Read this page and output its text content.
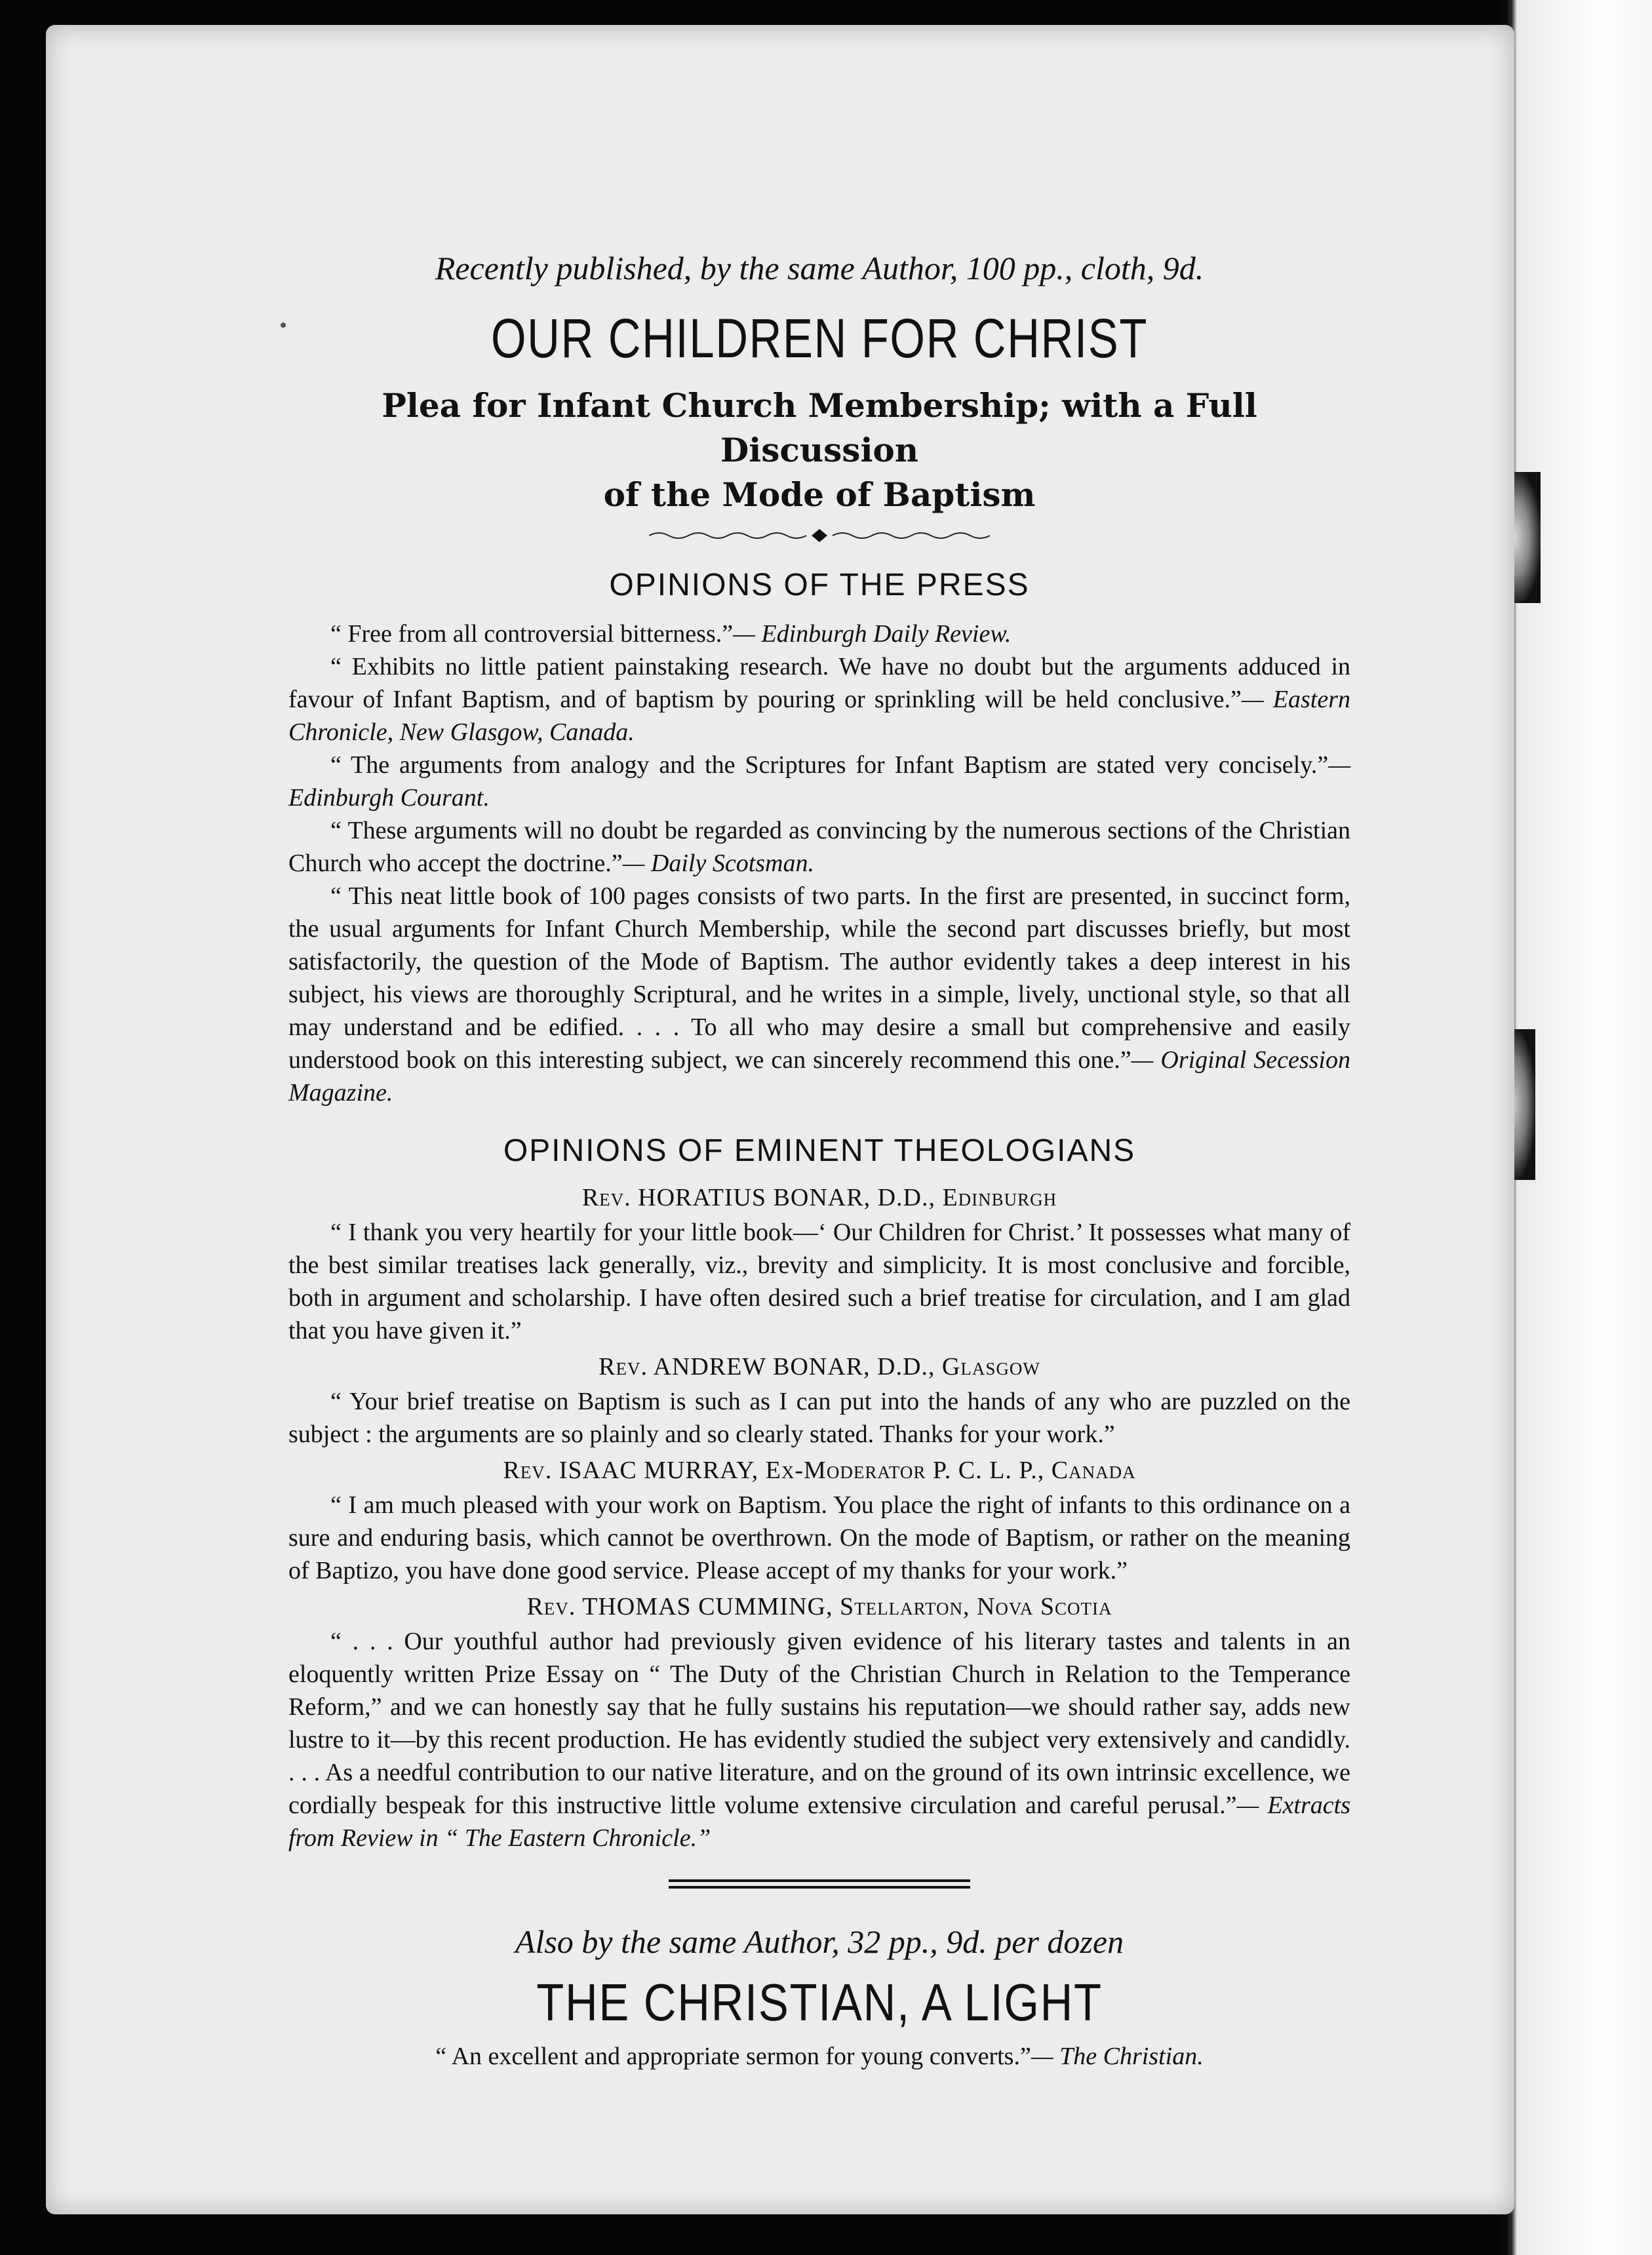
Recently published, by the same Author, 100 pp., cloth, 9d.

OUR CHILDREN FOR CHRIST

Plea for Infant Church Membership; with a Full Discussion

of the Mode of Baptism

OPINIONS OF THE PRESS

“ Free from all controversial bitterness.”— Edinburgh Daily Review.

“ Exhibits no little patient painstaking research. We have no doubt but the arguments adduced in favour of Infant Baptism, and of baptism by pouring or sprinkling will be held conclusive.”— Eastern Chronicle, New Glasgow, Canada.

“ The arguments from analogy and the Scriptures for Infant Baptism are stated very concisely.”— Edinburgh Courant.

“ These arguments will no doubt be regarded as convincing by the numerous sections of the Christian Church who accept the doctrine.”— Daily Scotsman.

“ This neat little book of 100 pages consists of two parts. In the first are presented, in succinct form, the usual arguments for Infant Church Membership, while the second part discusses briefly, but most satisfactorily, the question of the Mode of Baptism. The author evidently takes a deep interest in his subject, his views are thoroughly Scriptural, and he writes in a simple, lively, unctional style, so that all may understand and be edified. . . . To all who may desire a small but comprehensive and easily understood book on this interesting subject, we can sincerely recommend this one.”— Original Secession Magazine.

OPINIONS OF EMINENT THEOLOGIANS
Rev. HORATIUS BONAR, D.D., Edinburgh

“ I thank you very heartily for your little book—‘ Our Children for Christ.’ It possesses what many of the best similar treatises lack generally, viz., brevity and simplicity. It is most conclusive and forcible, both in argument and scholarship. I have often desired such a brief treatise for circulation, and I am glad that you have given it.”

Rev. ANDREW BONAR, D.D., Glasgow

“ Your brief treatise on Baptism is such as I can put into the hands of any who are puzzled on the subject : the arguments are so plainly and so clearly stated. Thanks for your work.”

Rev. ISAAC MURRAY, Ex-Moderator P. C. L. P., Canada

“ I am much pleased with your work on Baptism. You place the right of infants to this ordinance on a sure and enduring basis, which cannot be overthrown. On the mode of Baptism, or rather on the meaning of Baptizo, you have done good service. Please accept of my thanks for your work.”

Rev. THOMAS CUMMING, Stellarton, Nova Scotia

“ . . . Our youthful author had previously given evidence of his literary tastes and talents in an eloquently written Prize Essay on “ The Duty of the Christian Church in Relation to the Temperance Reform,” and we can honestly say that he fully sustains his reputation—we should rather say, adds new lustre to it—by this recent production. He has evidently studied the subject very extensively and candidly. . . . As a needful contribution to our native literature, and on the ground of its own intrinsic excellence, we cordially bespeak for this instructive little volume extensive circulation and careful perusal.”— Extracts from Review in “ The Eastern Chronicle.”

Also by the same Author, 32 pp., 9d. per dozen

THE CHRISTIAN, A LIGHT

“ An excellent and appropriate sermon for young converts.”— The Christian.
